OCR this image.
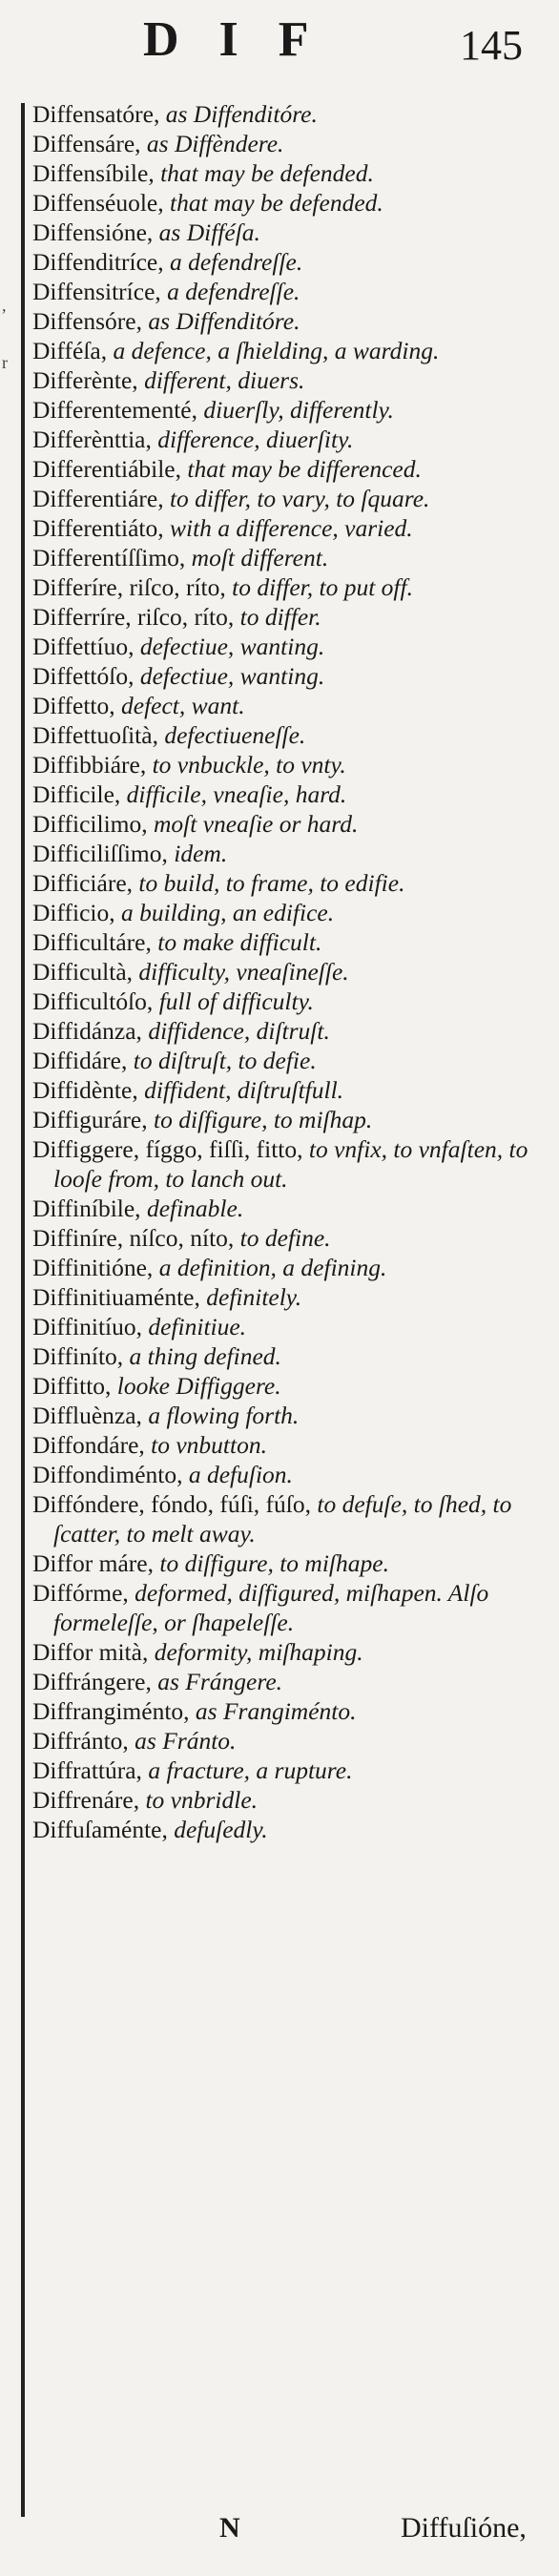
DIF	145
,
r
Diffensatóre, as Diffenditóre.
Diffensáre, as Diffèndere.
Diffensíbile, that may be defended.
Diffenséuole, that may be defended.
Diffensióne, as Difféſa.
Diffenditríce, a defendreſſe.
Diffensitríce, a defendreſſe.
Diffensóre, as Diffenditóre.
Difféſa, a defence, a ſhielding, a warding.
Differènte, different, diuers.
Differentementé, diuerſly, differently.
Differènttia, difference, diuerſity.
Differentiábile, that may be differenced.
Differentiáre, to differ, to vary, to ſquare.
Differentiáto, with a difference, varied.
Differentíſſimo, moſt different.
Differíre, riſco, ríto, to differ, to put off.
Differríre, riſco, ríto, to differ.
Diffettíuo, defectiue, wanting.
Diffettóſo, defectiue, wanting.
Diffetto, defect, want.
Diffettuoſità, defectiueneſſe.
Diffibbiáre, to vnbuckle, to vnty.
Difficile, difficile, vneaſie, hard.
Difficilimo, moſt vneaſie or hard.
Difficiliſſimo, idem.
Difficiáre, to build, to frame, to edifie.
Difficio, a building, an edifice.
Difficultáre, to make difficult.
Difficultà, difficulty, vneaſineſſe.
Difficultóſo, full of difficulty.
Diffidánza, diffidence, diſtruſt.
Diffidáre, to diſtruſt, to defie.
Diffidènte, diffident, diſtruſtfull.
Diffiguráre, to diſfigure, to miſhap.
Diffiggere, fíggo, fiſſi, fitto, to vnfix, to vnfaſten, to looſe from, to lanch out.
Diffiníbile, definable.
Diffiníre, níſco, níto, to define.
Diffinitióne, a definition, a defining.
Diffinitiuaménte, definitely.
Diffinitíuo, definitiue.
Diffiníto, a thing defined.
Diffitto, looke Diffiggere.
Diffluènza, a flowing forth.
Diffondáre, to vnbutton.
Diffondiménto, a defuſion.
Diffóndere, fóndo, fúſi, fúſo, to defuſe, to ſhed, to ſcatter, to melt away.
Diffor máre, to diſfigure, to miſhape.
Diffórme, deformed, diſfigured, miſhapen. Alſo formeleſſe, or ſhapeleſſe.
Diffor mità, deformity, miſhaping.
Diffrángere, as Frángere.
Diffrangiménto, as Frangiménto.
Diffránto, as Fránto.
Diffrattúra, a fracture, a rupture.
Diffrenáre, to vnbridle.
Diffuſaménte, defuſedly.
N	Diffuſióne,
